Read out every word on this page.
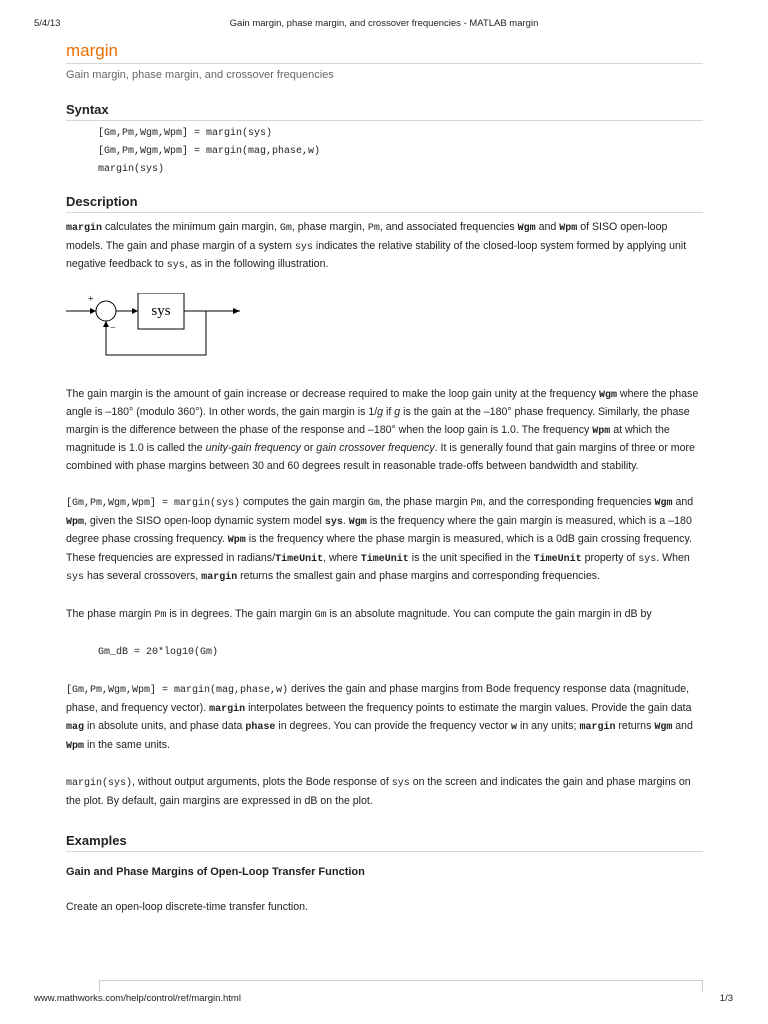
5/4/13	Gain margin, phase margin, and crossover frequencies - MATLAB margin
margin
Gain margin, phase margin, and crossover frequencies
Syntax
[Gm,Pm,Wgm,Wpm] = margin(sys)
[Gm,Pm,Wgm,Wpm] = margin(mag,phase,w)
margin(sys)
Description

margin calculates the minimum gain margin, Gm, phase margin, Pm, and associated frequencies Wgm and Wpm of SISO open-loop models. The gain and phase margin of a system sys indicates the relative stability of the closed-loop system formed by applying unit negative feedback to sys, as in the following illustration.

+
−
sys

The gain margin is the amount of gain increase or decrease required to make the loop gain unity at the frequency Wgm where the phase angle is –180° (modulo 360°). In other words, the gain margin is 1/g if g is the gain at the –180° phase frequency. Similarly, the phase margin is the difference between the phase of the response and –180° when the loop gain is 1.0. The frequency Wpm at which the magnitude is 1.0 is called the unity-gain frequency or gain crossover frequency. It is generally found that gain margins of three or more combined with phase margins between 30 and 60 degrees result in reasonable trade-offs between bandwidth and stability.

[Gm,Pm,Wgm,Wpm] = margin(sys) computes the gain margin Gm, the phase margin Pm, and the corresponding frequencies Wgm and Wpm, given the SISO open-loop dynamic system model sys. Wgm is the frequency where the gain margin is measured, which is a –180 degree phase crossing frequency. Wpm is the frequency where the phase margin is measured, which is a 0dB gain crossing frequency. These frequencies are expressed in radians/TimeUnit, where TimeUnit is the unit specified in the TimeUnit property of sys. When sys has several crossovers, margin returns the smallest gain and phase margins and corresponding frequencies.

The phase margin Pm is in degrees. The gain margin Gm is an absolute magnitude. You can compute the gain margin in dB by

Gm_dB = 20*log10(Gm)

[Gm,Pm,Wgm,Wpm] = margin(mag,phase,w) derives the gain and phase margins from Bode frequency response data (magnitude, phase, and frequency vector). margin interpolates between the frequency points to estimate the margin values. Provide the gain data mag in absolute units, and phase data phase in degrees. You can provide the frequency vector w in any units; margin returns Wgm and Wpm in the same units.

margin(sys), without output arguments, plots the Bode response of sys on the screen and indicates the gain and phase margins on the plot. By default, gain margins are expressed in dB on the plot.

Examples
Gain and Phase Margins of Open-Loop Transfer Function

Create an open-loop discrete-time transfer function.

www.mathworks.com/help/control/ref/margin.html	1/3
